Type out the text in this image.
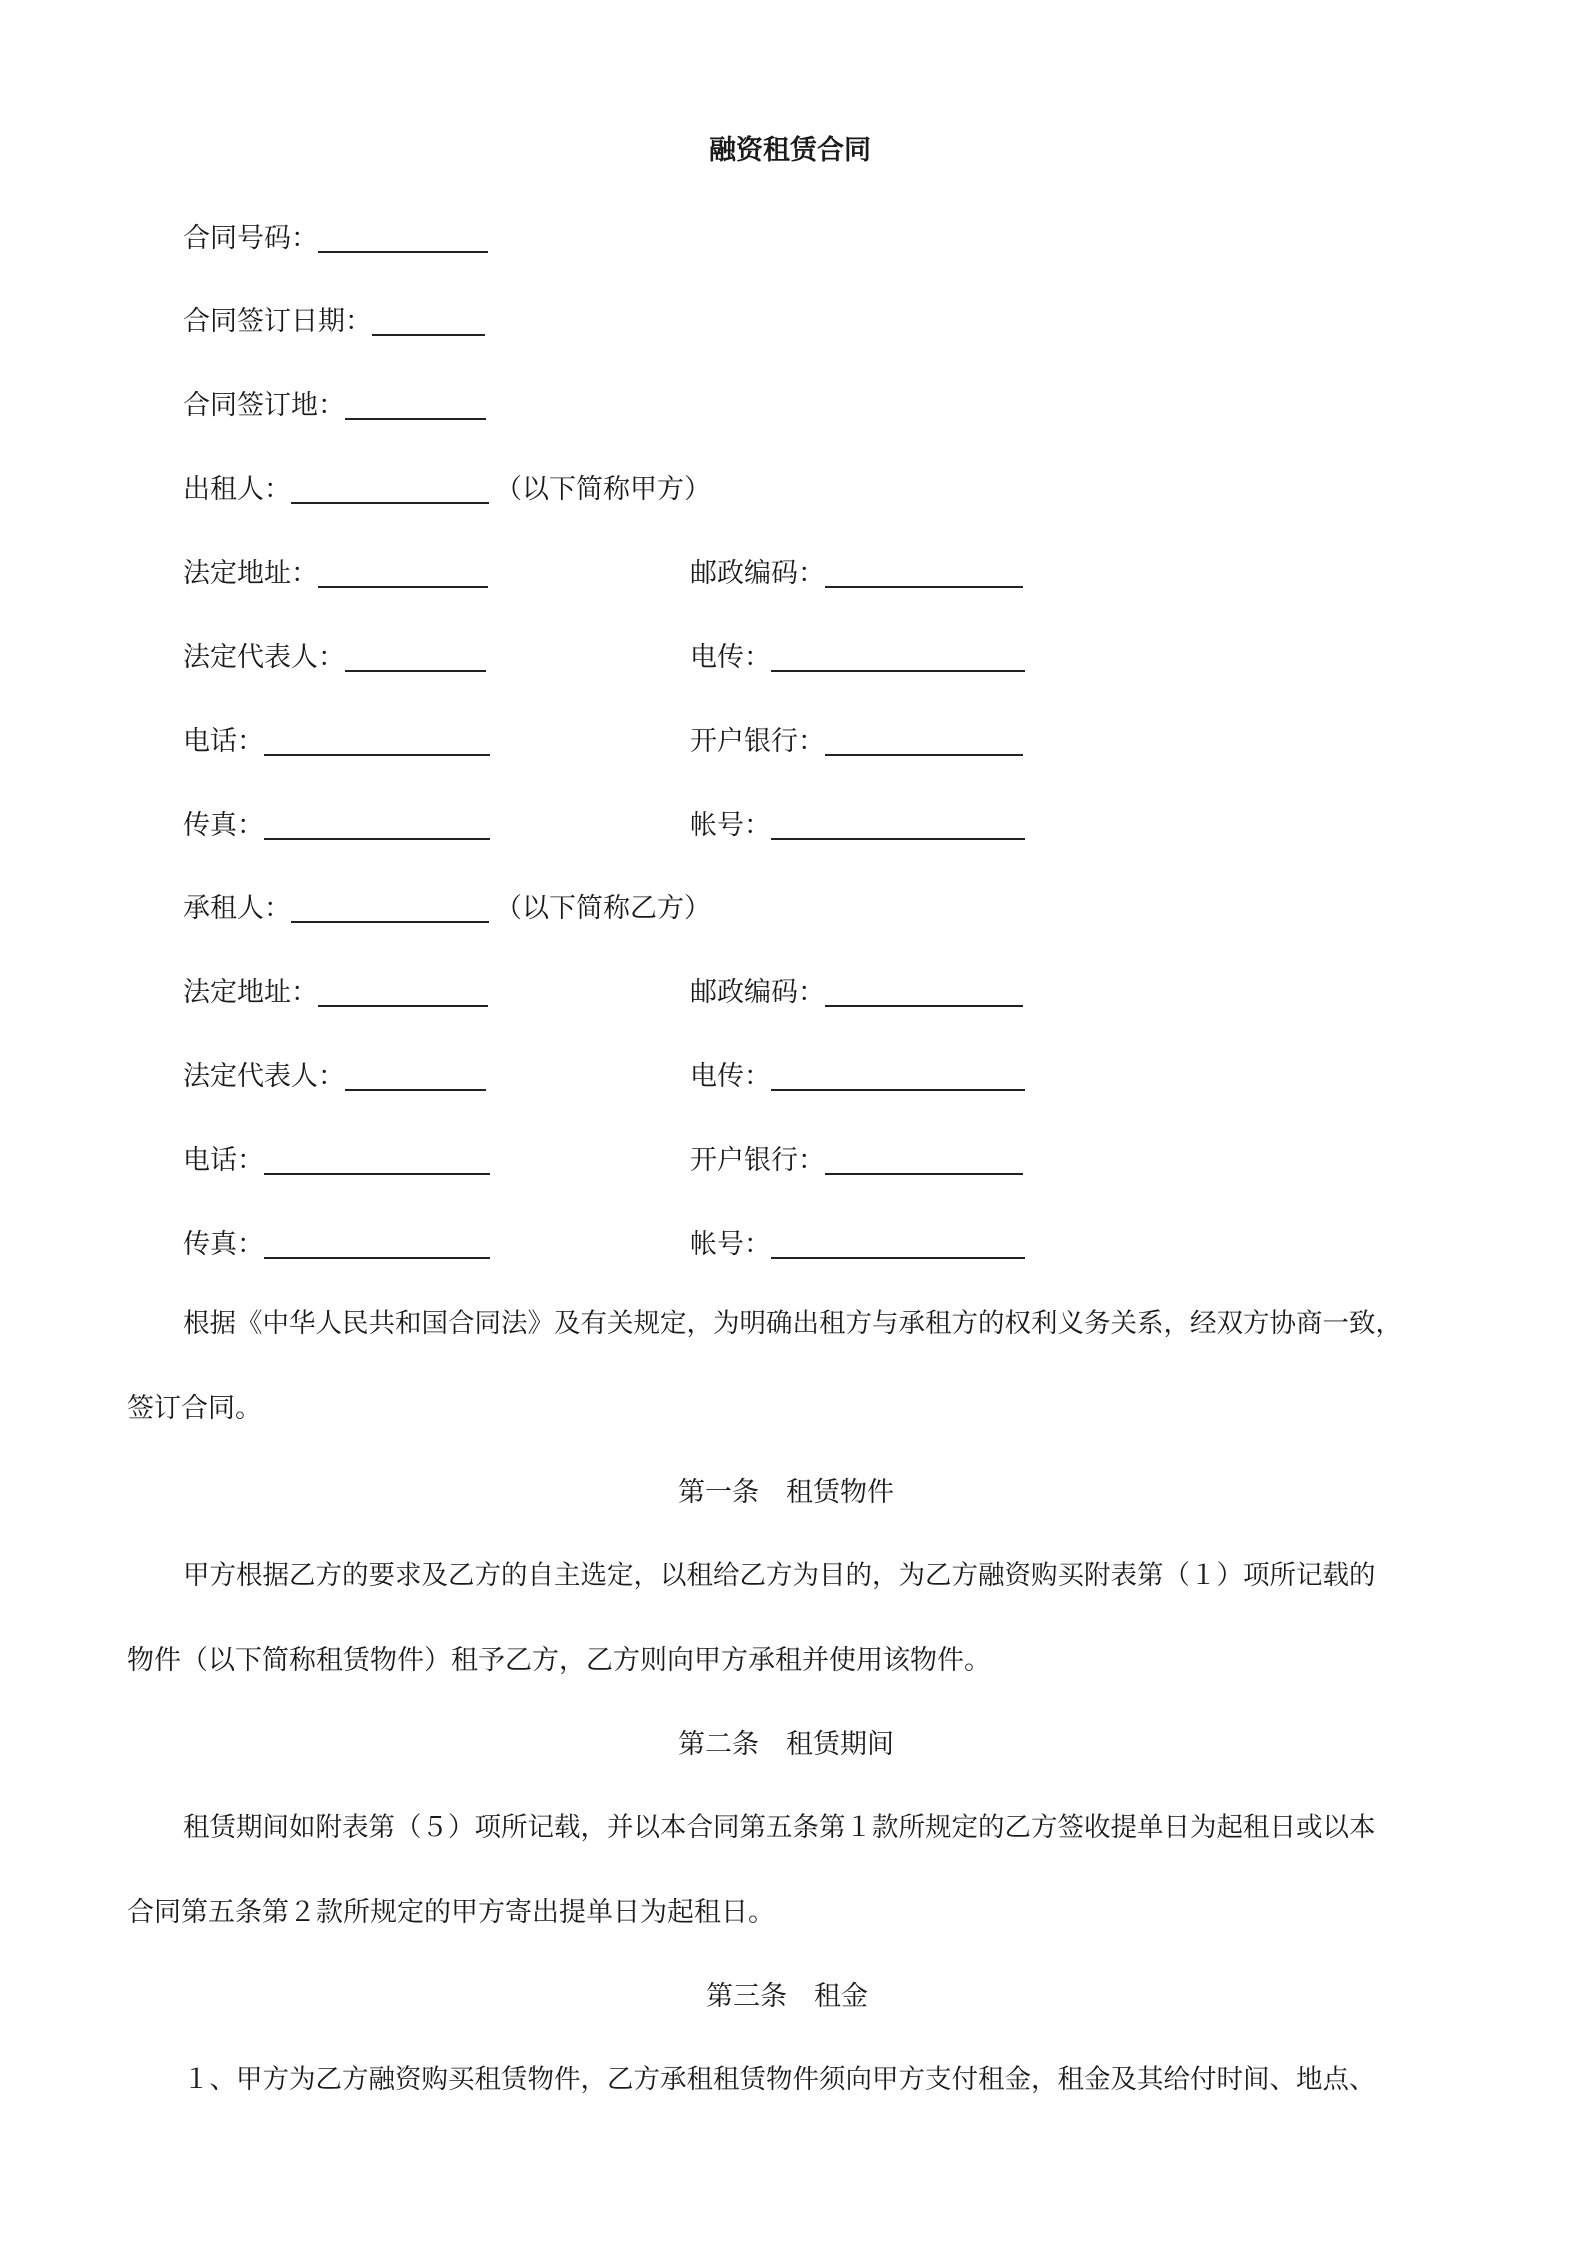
融资租赁合同
合同号码：
合同签订日期：
合同签订地：
出租人：	（以下简称甲方）
法定地址：	邮政编码：
法定代表人：	电传：
电话：	开户银行：
传真：	帐号：
承租人：	（以下简称乙方）
法定地址：	邮政编码：
法定代表人：	电传：
电话：	开户银行：
传真：	帐号：
根据《中华人民共和国合同法》及有关规定，为明确出租方与承租方的权利义务关系，经双方协商一致，
签订合同。
第一条　租赁物件
甲方根据乙方的要求及乙方的自主选定，以租给乙方为目的，为乙方融资购买附表第（１）项所记载的
物件（以下简称租赁物件）租予乙方，乙方则向甲方承租并使用该物件。
第二条　租赁期间
租赁期间如附表第（５）项所记载，并以本合同第五条第１款所规定的乙方签收提单日为起租日或以本
合同第五条第２款所规定的甲方寄出提单日为起租日。
第三条　租金
１、甲方为乙方融资购买租赁物件，乙方承租租赁物件须向甲方支付租金，租金及其给付时间、地点、
